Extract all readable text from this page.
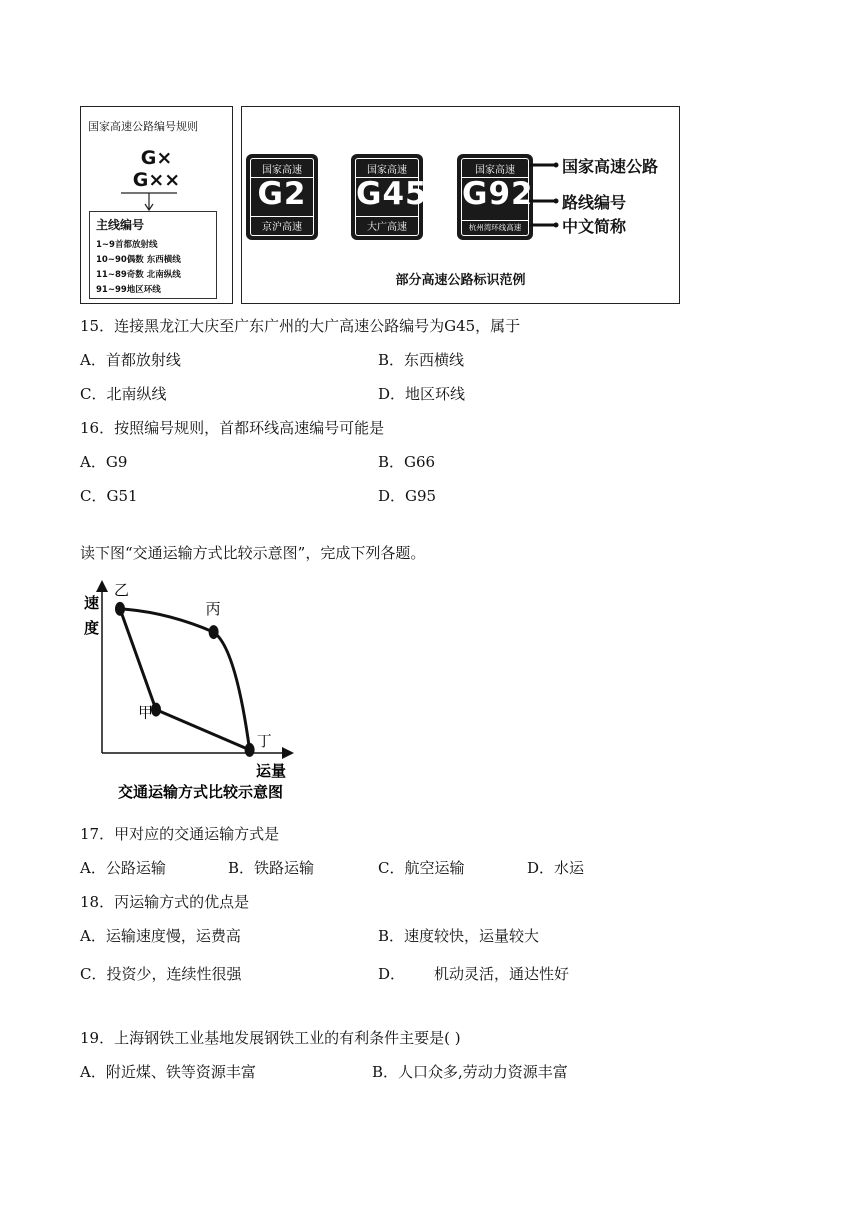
国家高速公路编号规则
G×
G××
主线编号
1~9首都放射线
10~90偶数 东西横线
11~89奇数 北南纵线
91~99地区环线
国家高速
G2
京沪高速
国家高速
G45
大广高速
国家高速
G92
杭州湾环线高速
国家高速公路
路线编号
中文简称
部分高速公路标识范例
15．连接黑龙江大庆至广东广州的大广高速公路编号为G45，属于
A．首都放射线	B．东西横线
C．北南纵线	D．地区环线
16．按照编号规则，首都环线高速编号可能是
A．G9	B．G66
C．G51	D．G95
读下图“交通运输方式比较示意图”，完成下列各题。
速
度
运量
乙
丙
甲
丁
交通运输方式比较示意图
17．甲对应的交通运输方式是
A．公路运输	B．铁路运输	C．航空运输	D．水运
18．丙运输方式的优点是
A．运输速度慢，运费高	B．速度较快，运量较大
C．投资少，连续性很强	D． 机动灵活，通达性好
19．上海钢铁工业基地发展钢铁工业的有利条件主要是( )
A．附近煤、铁等资源丰富	B．人口众多,劳动力资源丰富
